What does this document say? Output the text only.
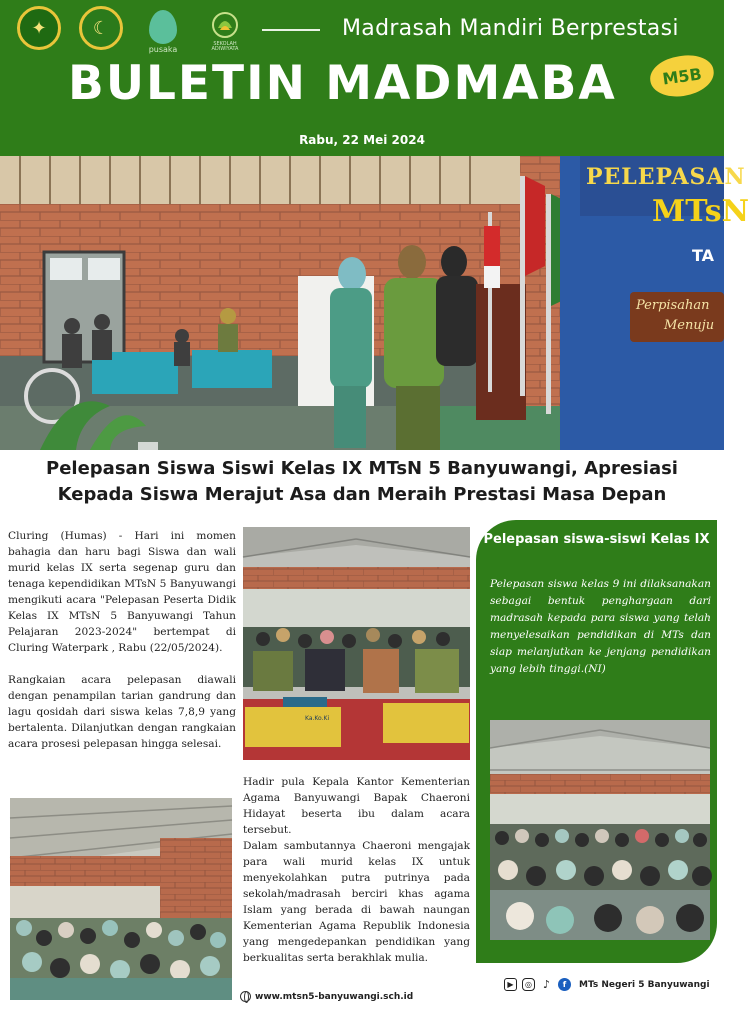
✦	☾
pusaka
SEKOLAH ADIWIYATA
Madrasah Mandiri Berprestasi
BULETIN MADMABA	M5B
Rabu, 22 Mei 2024
PELEPASAN
MTsN
TA
Perpisahan
Menuju
Pelepasan Siswa Siswi Kelas IX MTsN 5 Banyuwangi, Apresiasi Kepada Siswa Merajut Asa dan Meraih Prestasi Masa Depan

Cluring (Humas) - Hari ini momen bahagia dan haru bagi Siswa dan wali murid kelas IX serta segenap guru dan tenaga kependidikan MTsN 5 Banyuwangi mengikuti acara "Pelepasan Peserta Didik Kelas IX MTsN 5 Banyuwangi Tahun Pelajaran 2023-2024" bertempat di Cluring Waterpark , Rabu (22/05/2024).

Rangkaian acara pelepasan diawali dengan penampilan tarian gandrung dan lagu qosidah dari siswa kelas 7,8,9 yang bertalenta. Dilanjutkan dengan rangkaian acara prosesi pelepasan hingga selesai.

Ka.Ko.Ki

Hadir pula Kepala Kantor Kementerian Agama Banyuwangi Bapak Chaeroni Hidayat beserta ibu dalam acara tersebut.

Dalam sambutannya Chaeroni mengajak para wali murid kelas IX untuk menyekolahkan putra putrinya pada sekolah/madrasah berciri khas agama Islam yang berada di bawah naungan Kementerian Agama Republik Indonesia yang mengedepankan pendidikan yang berkualitas serta berakhlak mulia.

www.mtsn5-banyuwangi.sch.id
Pelepasan siswa-siswi Kelas IX
Pelepasan siswa kelas 9 ini dilaksanakan sebagai bentuk penghargaan dari madrasah kepada para siswa yang telah menyelesaikan pendidikan di MTs dan siap melanjutkan ke jenjang pendidikan yang lebih tinggi.(NI)
▶	◎ ♪	f	MTs Negeri 5 Banyuwangi
